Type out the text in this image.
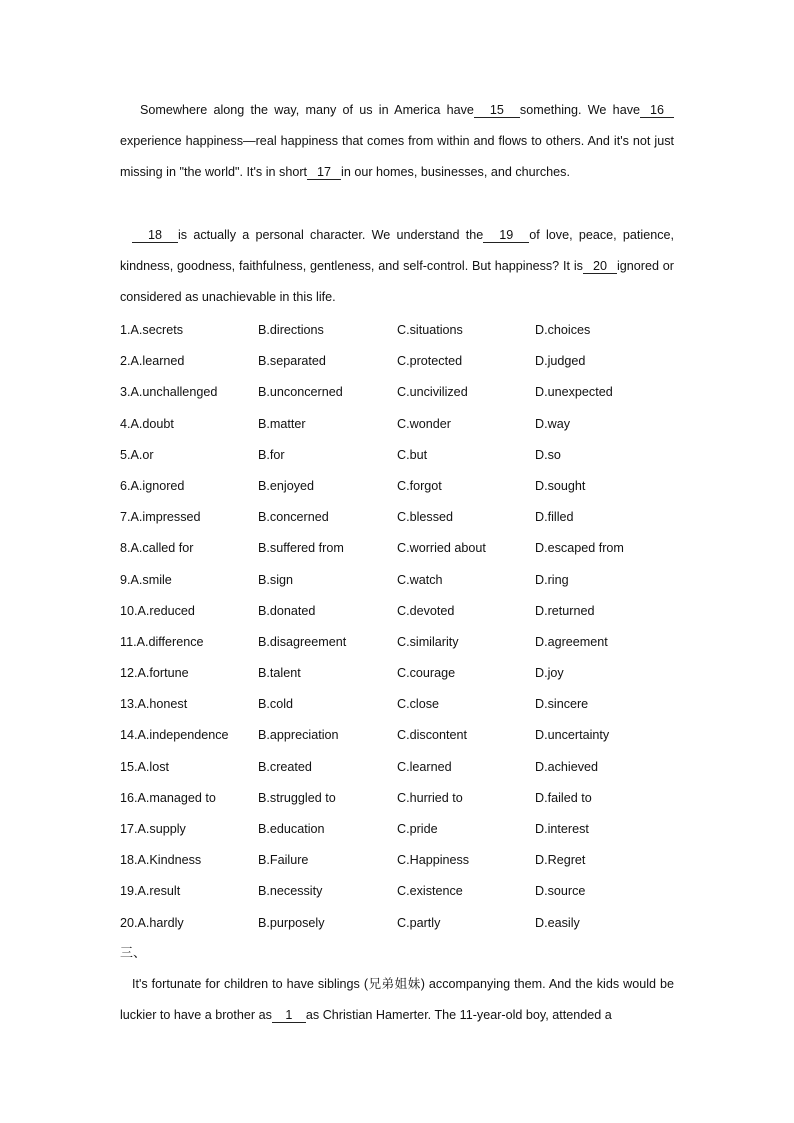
Somewhere along the way, many of us in America have 15 something. We have 16experience happiness—real happiness that comes from within and flows to others. And it's not just missing in "the world". It's in short 17 in our homes, businesses, and churches.

18 is actually a personal character. We understand the 19 of love, peace, patience, kindness, goodness, faithfulness, gentleness, and self-control. But happiness? It is 20 ignored or considered as unachievable in this life.

1.A.secrets	B.directions	C.situations	D.choices
2.A.learned	B.separated	C.protected	D.judged
3.A.unchallenged	B.unconcerned	C.uncivilized	D.unexpected
4.A.doubt	B.matter	C.wonder	D.way
5.A.or	B.for	C.but	D.so
6.A.ignored	B.enjoyed	C.forgot	D.sought
7.A.impressed	B.concerned	C.blessed	D.filled
8.A.called for	B.suffered from	C.worried about	D.escaped from
9.A.smile	B.sign	C.watch	D.ring
10.A.reduced	B.donated	C.devoted	D.returned
11.A.difference	B.disagreement	C.similarity	D.agreement
12.A.fortune	B.talent	C.courage	D.joy
13.A.honest	B.cold	C.close	D.sincere
14.A.independence	B.appreciation	C.discontent	D.uncertainty
15.A.lost	B.created	C.learned	D.achieved
16.A.managed to	B.struggled to	C.hurried to	D.failed to
17.A.supply	B.education	C.pride	D.interest
18.A.Kindness	B.Failure	C.Happiness	D.Regret
19.A.result	B.necessity	C.existence	D.source
20.A.hardly	B.purposely	C.partly	D.easily
三、

It's fortunate for children to have siblings (兄弟姐妹) accompanying them. And the kids would be luckier to have a brother as 1 as Christian Hamerter. The 11-year-old boy, attended a
